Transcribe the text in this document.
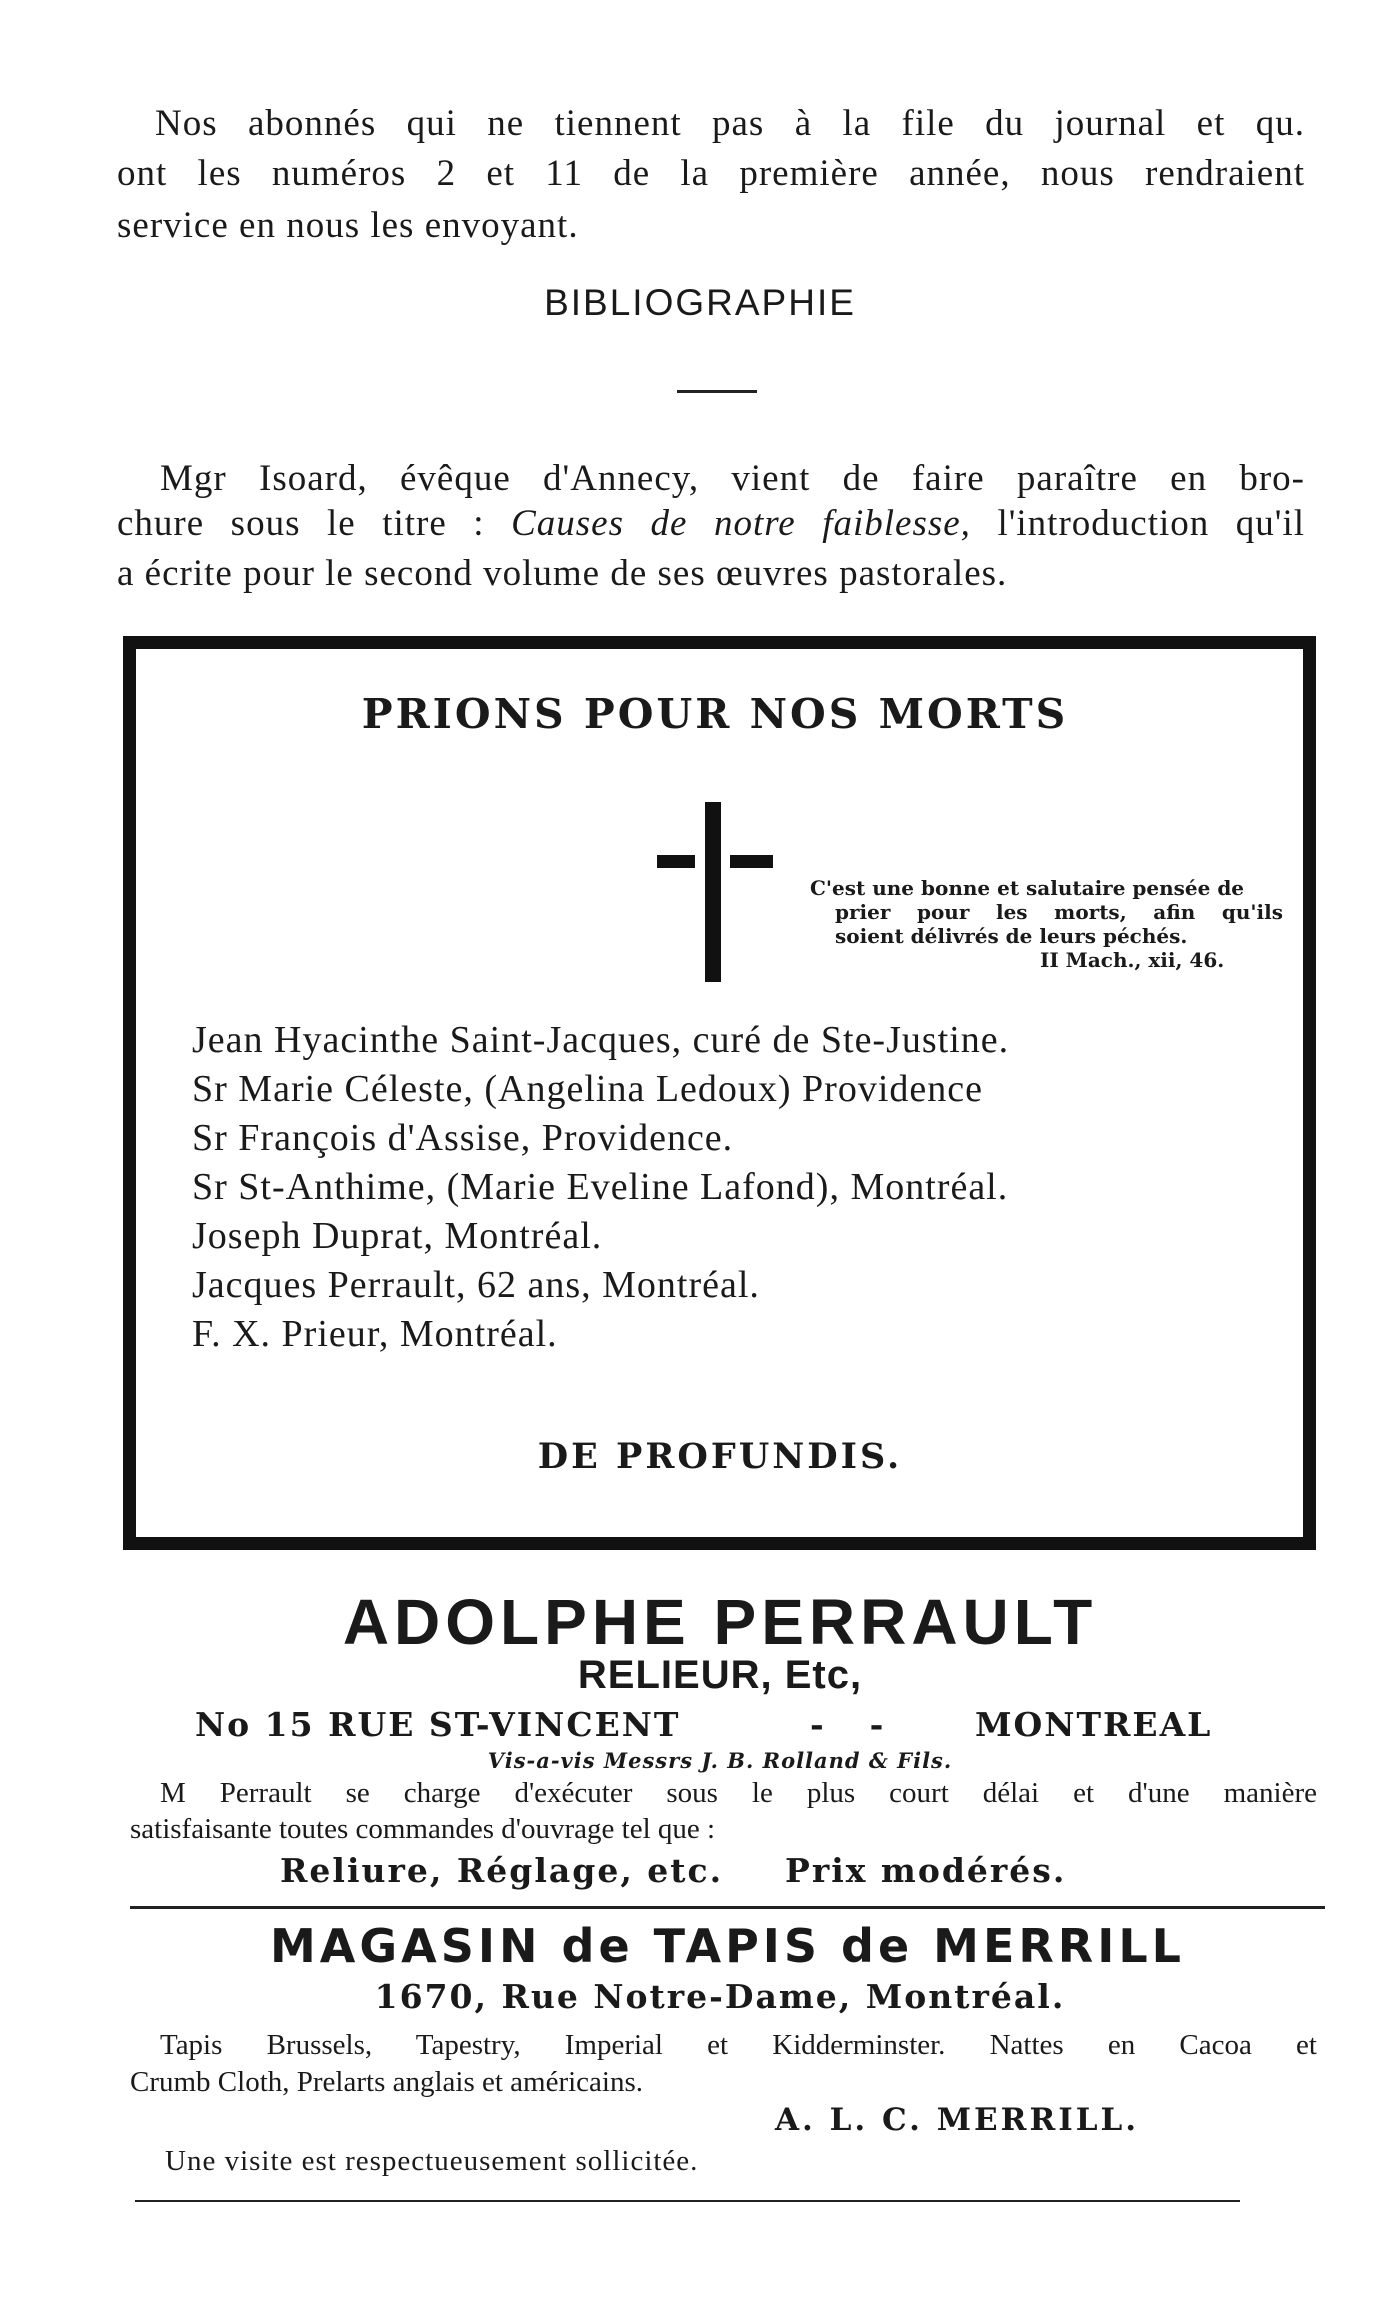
Nos abonnés qui ne tiennent pas à la file du journal et qu.
ont les numéros 2 et 11 de la première année, nous rendraient
service en nous les envoyant.
BIBLIOGRAPHIE
Mgr Isoard, évêque d'Annecy, vient de faire paraître en bro-
chure sous le titre : Causes de notre faiblesse, l'introduction qu'il
a écrite pour le second volume de ses œuvres pastorales.
PRIONS POUR NOS MORTS
C'est une bonne et salutaire pensée de
prier pour les morts, afin qu'ils
soient délivrés de leurs péchés.
II Mach., xii, 46.
Jean Hyacinthe Saint-Jacques, curé de Ste-Justine.
Sr Marie Céleste, (Angelina Ledoux) Providence
Sr François d'Assise, Providence.
Sr St-Anthime, (Marie Eveline Lafond), Montréal.
Joseph Duprat, Montréal.
Jacques Perrault, 62 ans, Montréal.
F. X. Prieur, Montréal.
DE PROFUNDIS.
ADOLPHE PERRAULT
RELIEUR, Etc,
No 15 RUE ST-VINCENT	-    -	MONTREAL
Vis-a-vis Messrs J. B. Rolland & Fils.
M Perrault se charge d'exécuter sous le plus court délai et d'une manière
satisfaisante toutes commandes d'ouvrage tel que :
Reliure, Réglage, etc. Prix modérés.
MAGASIN de TAPIS de MERRILL
1670, Rue Notre-Dame, Montréal.
Tapis Brussels, Tapestry, Imperial et Kidderminster. Nattes en Cacoa et
Crumb Cloth, Prelarts anglais et américains.
A. L. C. MERRILL.
Une visite est respectueusement sollicitée.
